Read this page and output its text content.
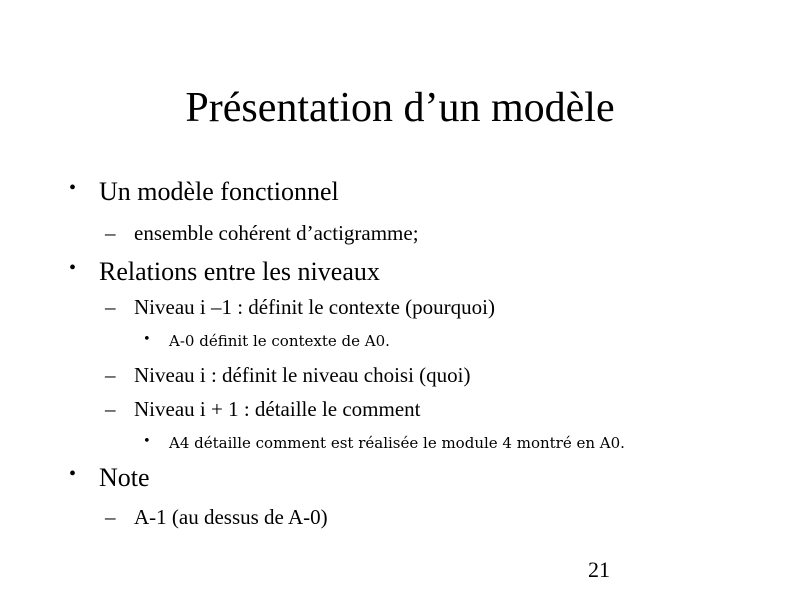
Présentation d’un modèle
• Un modèle fonctionnel
– ensemble cohérent d’actigramme;
• Relations entre les niveaux
– Niveau i –1 : définit le contexte (pourquoi)
• A-0 définit le contexte de A0.
– Niveau i : définit le niveau choisi (quoi)
– Niveau i + 1 : détaille le comment
• A4 détaille comment est réalisée le module 4 montré en A0.
• Note
– A-1 (au dessus de A-0)
21
